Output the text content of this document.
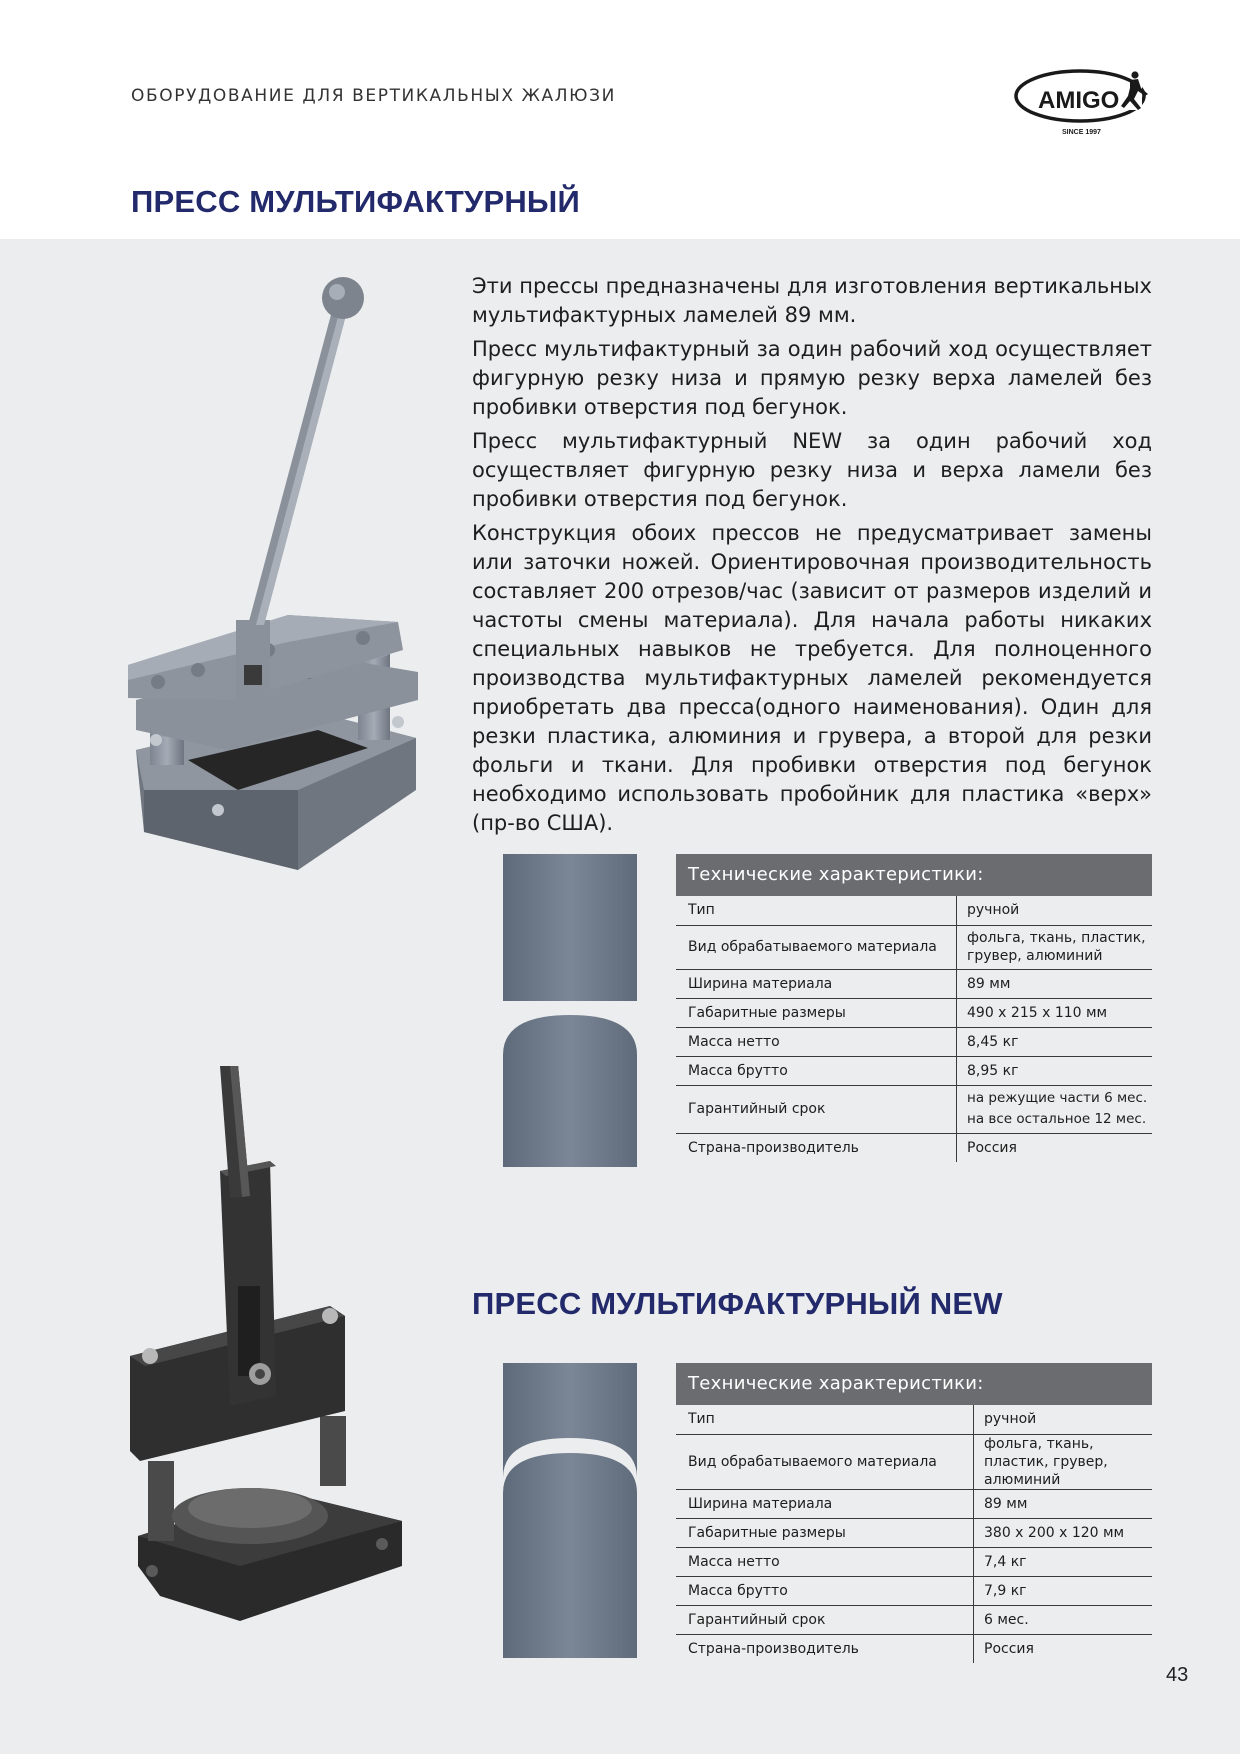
ОБОРУДОВАНИЕ ДЛЯ ВЕРТИКАЛЬНЫХ ЖАЛЮЗИ	AMIGO
SINCE 1997
ПРЕСС МУЛЬТИФАКТУРНЫЙ

Эти прессы предназначены для изготовления вертикальных мультифактурных ламелей 89 мм.

Пресс мультифактурный за один рабочий ход осуществляет фигурную резку низа и прямую резку верха ламелей без пробивки отверстия под бегунок.

Пресс мультифактурный NEW за один рабочий ход осуществляет фигурную резку низа и верха ламели без пробивки отверстия под бегунок.

Конструкция обоих прессов не предусматривает замены или заточки ножей. Ориентировочная производительность составляет 200 отрезов/час (зависит от размеров изделий и частоты смены материала). Для начала работы никаких специальных навыков не требуется. Для полноценного производства мультифактурных ламелей рекомендуется приобретать два пресса(одного наименования). Один для резки пластика, алюминия и грувера, а второй для резки фольги и ткани. Для пробивки отверстия под бегунок необходимо использовать пробойник для пластика «верх» (пр-во США).

Технические характеристики:
Тип	ручной
Вид обрабатываемого материала	фольга, ткань, пластик, грувер, алюминий
Ширина материала	89 мм
Габаритные размеры	490 х 215 х 110 мм
Масса нетто	8,45 кг
Масса брутто	8,95 кг
Гарантийный срок	на режущие части 6 мес. на все остальное 12 мес.
Страна-производитель	Россия
ПРЕСС МУЛЬТИФАКТУРНЫЙ NEW
Технические характеристики:
Тип	ручной
Вид обрабатываемого материала	фольга, ткань, пластик, грувер, алюминий
Ширина материала	89 мм
Габаритные размеры	380 х 200 х 120 мм
Масса нетто	7,4 кг
Масса брутто	7,9 кг
Гарантийный срок	6 мес.
Страна-производитель	Россия
43
